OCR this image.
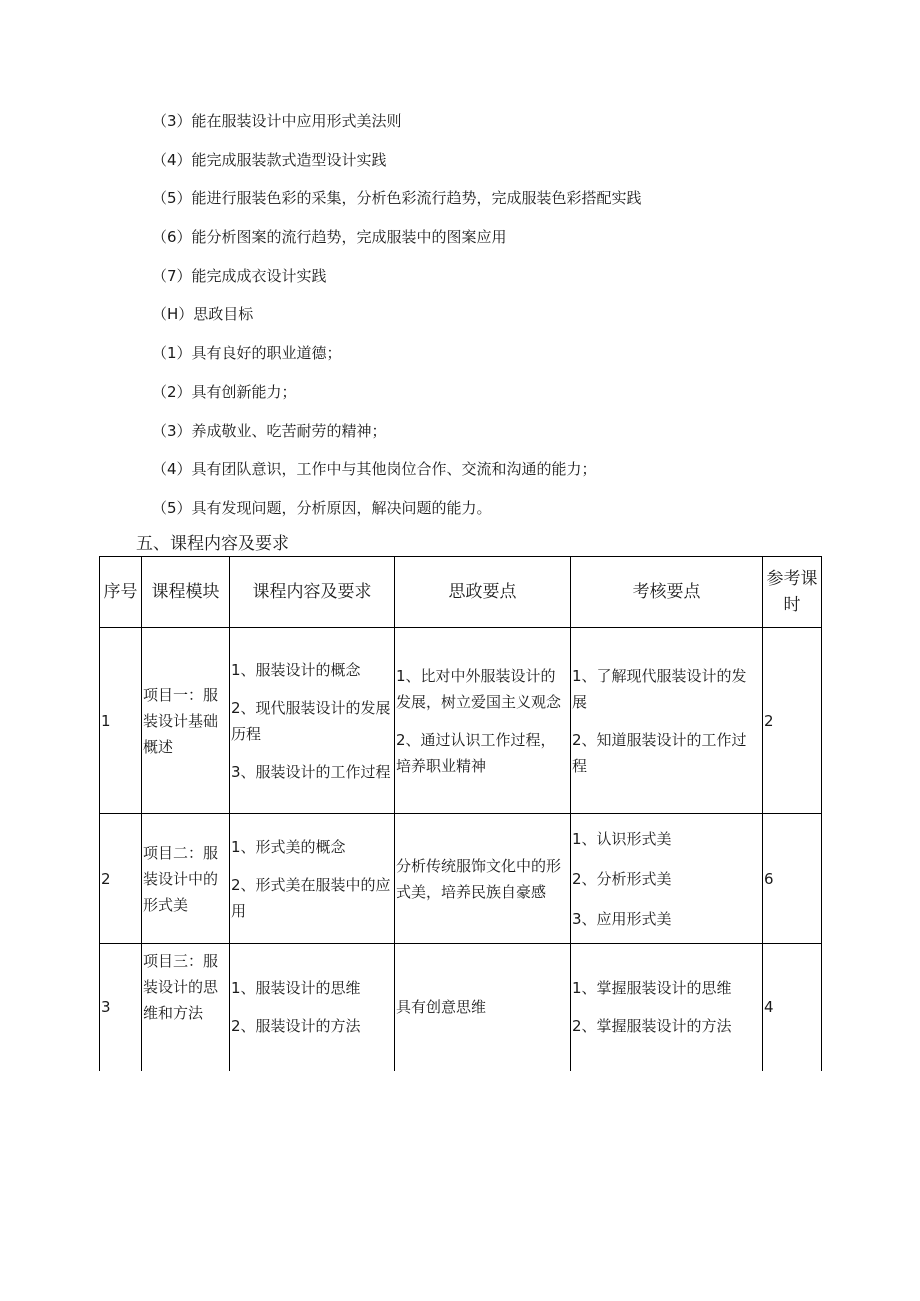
（3）能在服装设计中应用形式美法则
（4）能完成服装款式造型设计实践
（5）能进行服装色彩的采集，分析色彩流行趋势，完成服装色彩搭配实践
（6）能分析图案的流行趋势，完成服装中的图案应用
（7）能完成成衣设计实践
（H）思政目标
（1）具有良好的职业道德；
（2）具有创新能力；
（3）养成敬业、吃苦耐劳的精神；
（4）具有团队意识，工作中与其他岗位合作、交流和沟通的能力；
（5）具有发现问题，分析原因，解决问题的能力。
五、课程内容及要求
序号	课程模块	课程内容及要求	思政要点	考核要点	参考课时
1	项目一：服装设计基础概述	1、服装设计的概念
2、现代服装设计的发展历程
3、服装设计的工作过程	1、比对中外服装设计的发展，树立爱国主义观念
2、通过认识工作过程，培养职业精神	1、了解现代服装设计的发展
2、知道服装设计的工作过程	2
2	项目二：服装设计中的形式美	1、形式美的概念
2、形式美在服装中的应用	分析传统服饰文化中的形式美，培养民族自豪感	1、认识形式美
2、分析形式美
3、应用形式美	6
3	项目三：服装设计的思维和方法	1、服装设计的思维
2、服装设计的方法	具有创意思维	1、掌握服装设计的思维
2、掌握服装设计的方法	4
